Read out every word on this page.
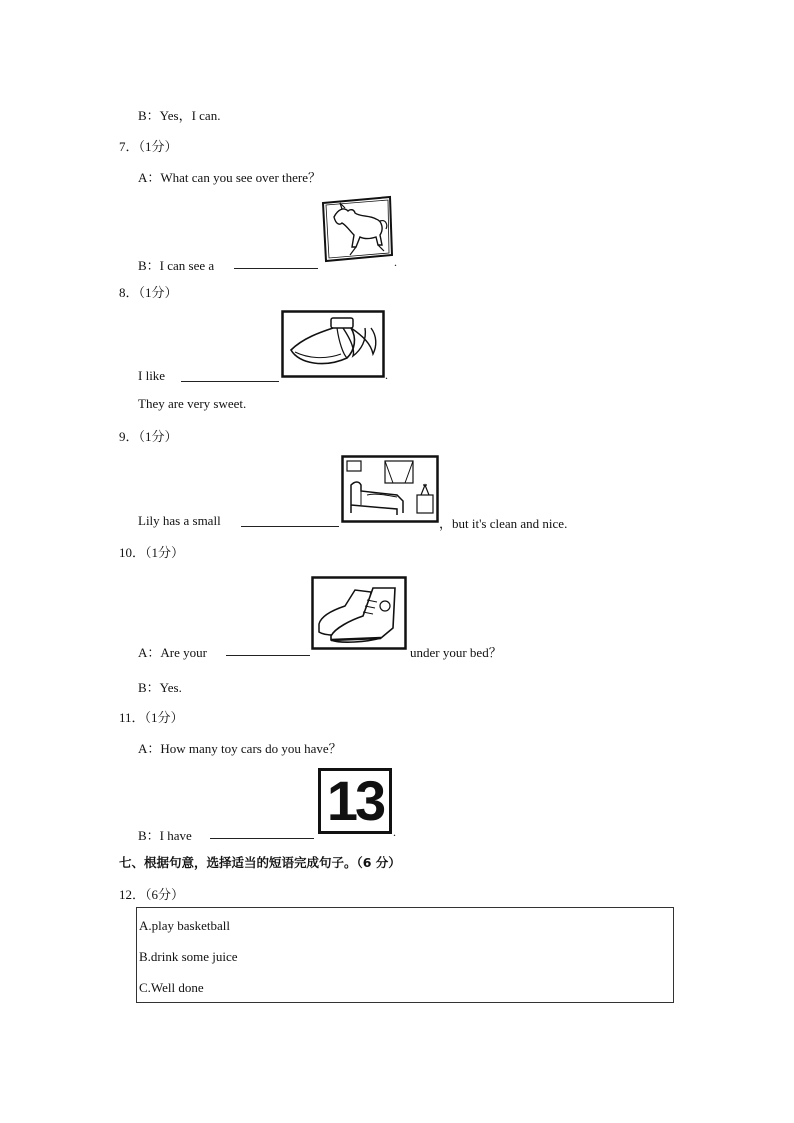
B：Yes，I can.
7．（1分）
A：What can you see over there？
B：I can see a	.
8．（1分）
I like	.
They are very sweet.
9．（1分）
Lily has a small	，but it's clean and nice.
10．（1分）
A：Are your	under your bed？
B：Yes.
11．（1分）
A：How many toy cars do you have？
B：I have
13 .
七、根据句意，选择适当的短语完成句子。（6 分）
12．（6分）
A.play basketball
B.drink some juice
C.Well done
